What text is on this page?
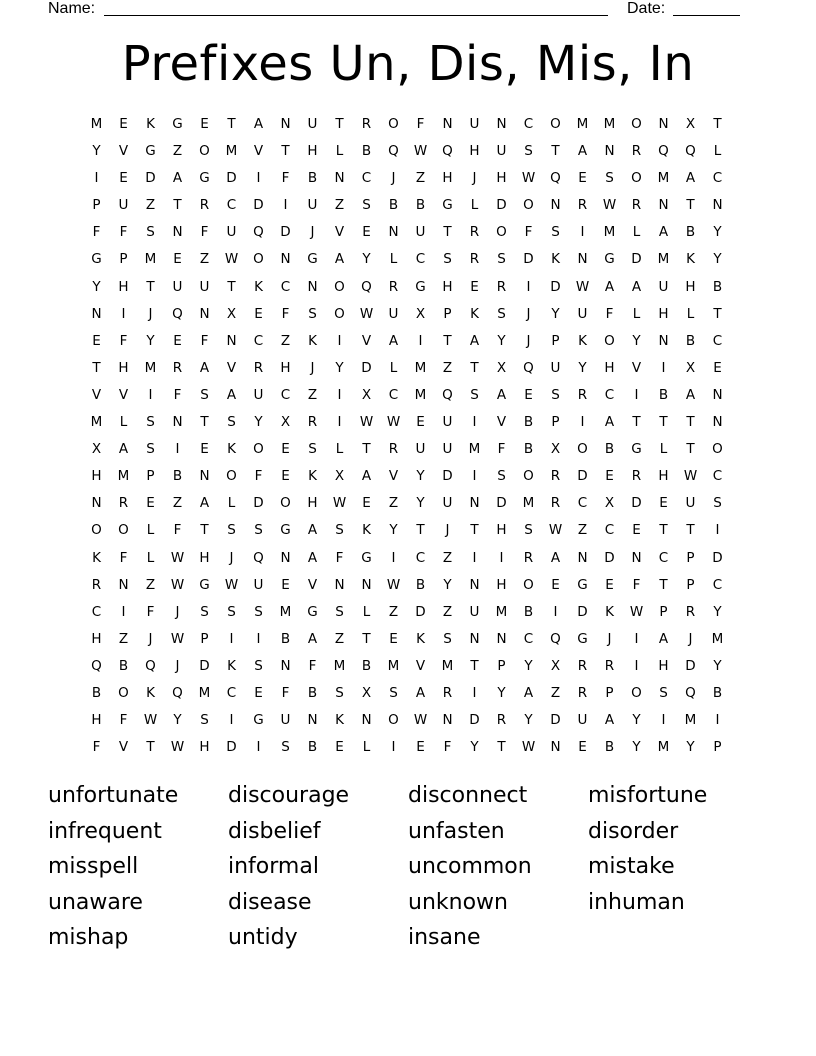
Name:	Date:
Prefixes Un, Dis, Mis, In
M	E	K	G	E	T	A	N	U	T	R	O	F	N	U	N	C	O	M	M	O	N	X	T
Y	V	G	Z	O	M	V	T	H	L	B	Q	W	Q	H	U	S	T	A	N	R	Q	Q	L
I	E	D	A	G	D	I	F	B	N	C	J	Z	H	J	H	W	Q	E	S	O	M	A	C
P	U	Z	T	R	C	D	I	U	Z	S	B	B	G	L	D	O	N	R	W	R	N	T	N
F	F	S	N	F	U	Q	D	J	V	E	N	U	T	R	O	F	S	I	M	L	A	B	Y
G	P	M	E	Z	W	O	N	G	A	Y	L	C	S	R	S	D	K	N	G	D	M	K	Y
Y	H	T	U	U	T	K	C	N	O	Q	R	G	H	E	R	I	D	W	A	A	U	H	B
N	I	J	Q	N	X	E	F	S	O	W	U	X	P	K	S	J	Y	U	F	L	H	L	T
E	F	Y	E	F	N	C	Z	K	I	V	A	I	T	A	Y	J	P	K	O	Y	N	B	C
T	H	M	R	A	V	R	H	J	Y	D	L	M	Z	T	X	Q	U	Y	H	V	I	X	E
V	V	I	F	S	A	U	C	Z	I	X	C	M	Q	S	A	E	S	R	C	I	B	A	N
M	L	S	N	T	S	Y	X	R	I	W	W	E	U	I	V	B	P	I	A	T	T	T	N
X	A	S	I	E	K	O	E	S	L	T	R	U	U	M	F	B	X	O	B	G	L	T	O
H	M	P	B	N	O	F	E	K	X	A	V	Y	D	I	S	O	R	D	E	R	H	W	C
N	R	E	Z	A	L	D	O	H	W	E	Z	Y	U	N	D	M	R	C	X	D	E	U	S
O	O	L	F	T	S	S	G	A	S	K	Y	T	J	T	H	S	W	Z	C	E	T	T	I
K	F	L	W	H	J	Q	N	A	F	G	I	C	Z	I	I	R	A	N	D	N	C	P	D
R	N	Z	W	G	W	U	E	V	N	N	W	B	Y	N	H	O	E	G	E	F	T	P	C
C	I	F	J	S	S	S	M	G	S	L	Z	D	Z	U	M	B	I	D	K	W	P	R	Y
H	Z	J	W	P	I	I	B	A	Z	T	E	K	S	N	N	C	Q	G	J	I	A	J	M
Q	B	Q	J	D	K	S	N	F	M	B	M	V	M	T	P	Y	X	R	R	I	H	D	Y
B	O	K	Q	M	C	E	F	B	S	X	S	A	R	I	Y	A	Z	R	P	O	S	Q	B
H	F	W	Y	S	I	G	U	N	K	N	O	W	N	D	R	Y	D	U	A	Y	I	M	I
F	V	T	W	H	D	I	S	B	E	L	I	E	F	Y	T	W	N	E	B	Y	M	Y	P
unfortunate	discourage	disconnect	misfortune
infrequent	disbelief	unfasten	disorder
misspell	informal	uncommon	mistake
unaware	disease	unknown	inhuman
mishap	untidy	insane
